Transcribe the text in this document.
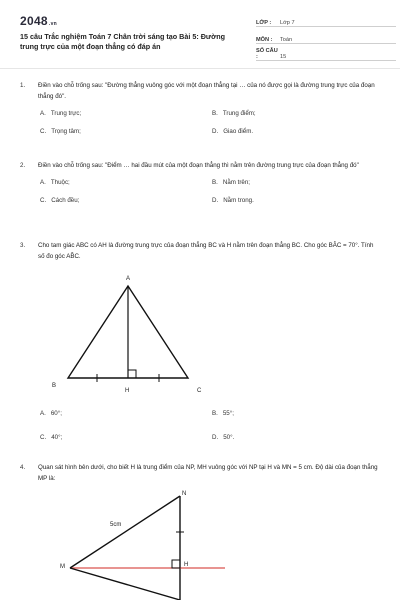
2048.vn
15 câu Trắc nghiệm Toán 7 Chân trời sáng tạo Bài 5: Đường trung trực của một đoạn thẳng có đáp án
LỚP :	Lớp 7
MÔN :	Toán
SỐ CÂU :	15
1. Điền vào chỗ trống sau: "Đường thẳng vuông góc với một đoạn thẳng tại … của nó được gọi là đường trung trực của đoạn thẳng đó".
A. Trung trực;	B. Trung điểm;
C. Trọng tâm;	D. Giao điểm.
2. Điền vào chỗ trống sau: "Điểm … hai đầu mút của một đoạn thẳng thì nằm trên đường trung trực của đoạn thẳng đó"
A. Thuộc;	B. Nằm trên;
C. Cách đều;	D. Nằm trong.
3. Cho tam giác ABC có AH là đường trung trực của đoạn thẳng BC và H nằm trên đoạn thẳng BC. Cho góc BÂC = 70°. Tính số đo góc AB̂C.
A
B
C
H
A. 60°;	B. 55°;
C. 40°;	D. 50°.
4. Quan sát hình bên dưới, cho biết H là trung điểm của NP, MH vuông góc với NP tại H và MN = 5 cm. Độ dài của đoạn thẳng MP là:
N
M	H
5cm
